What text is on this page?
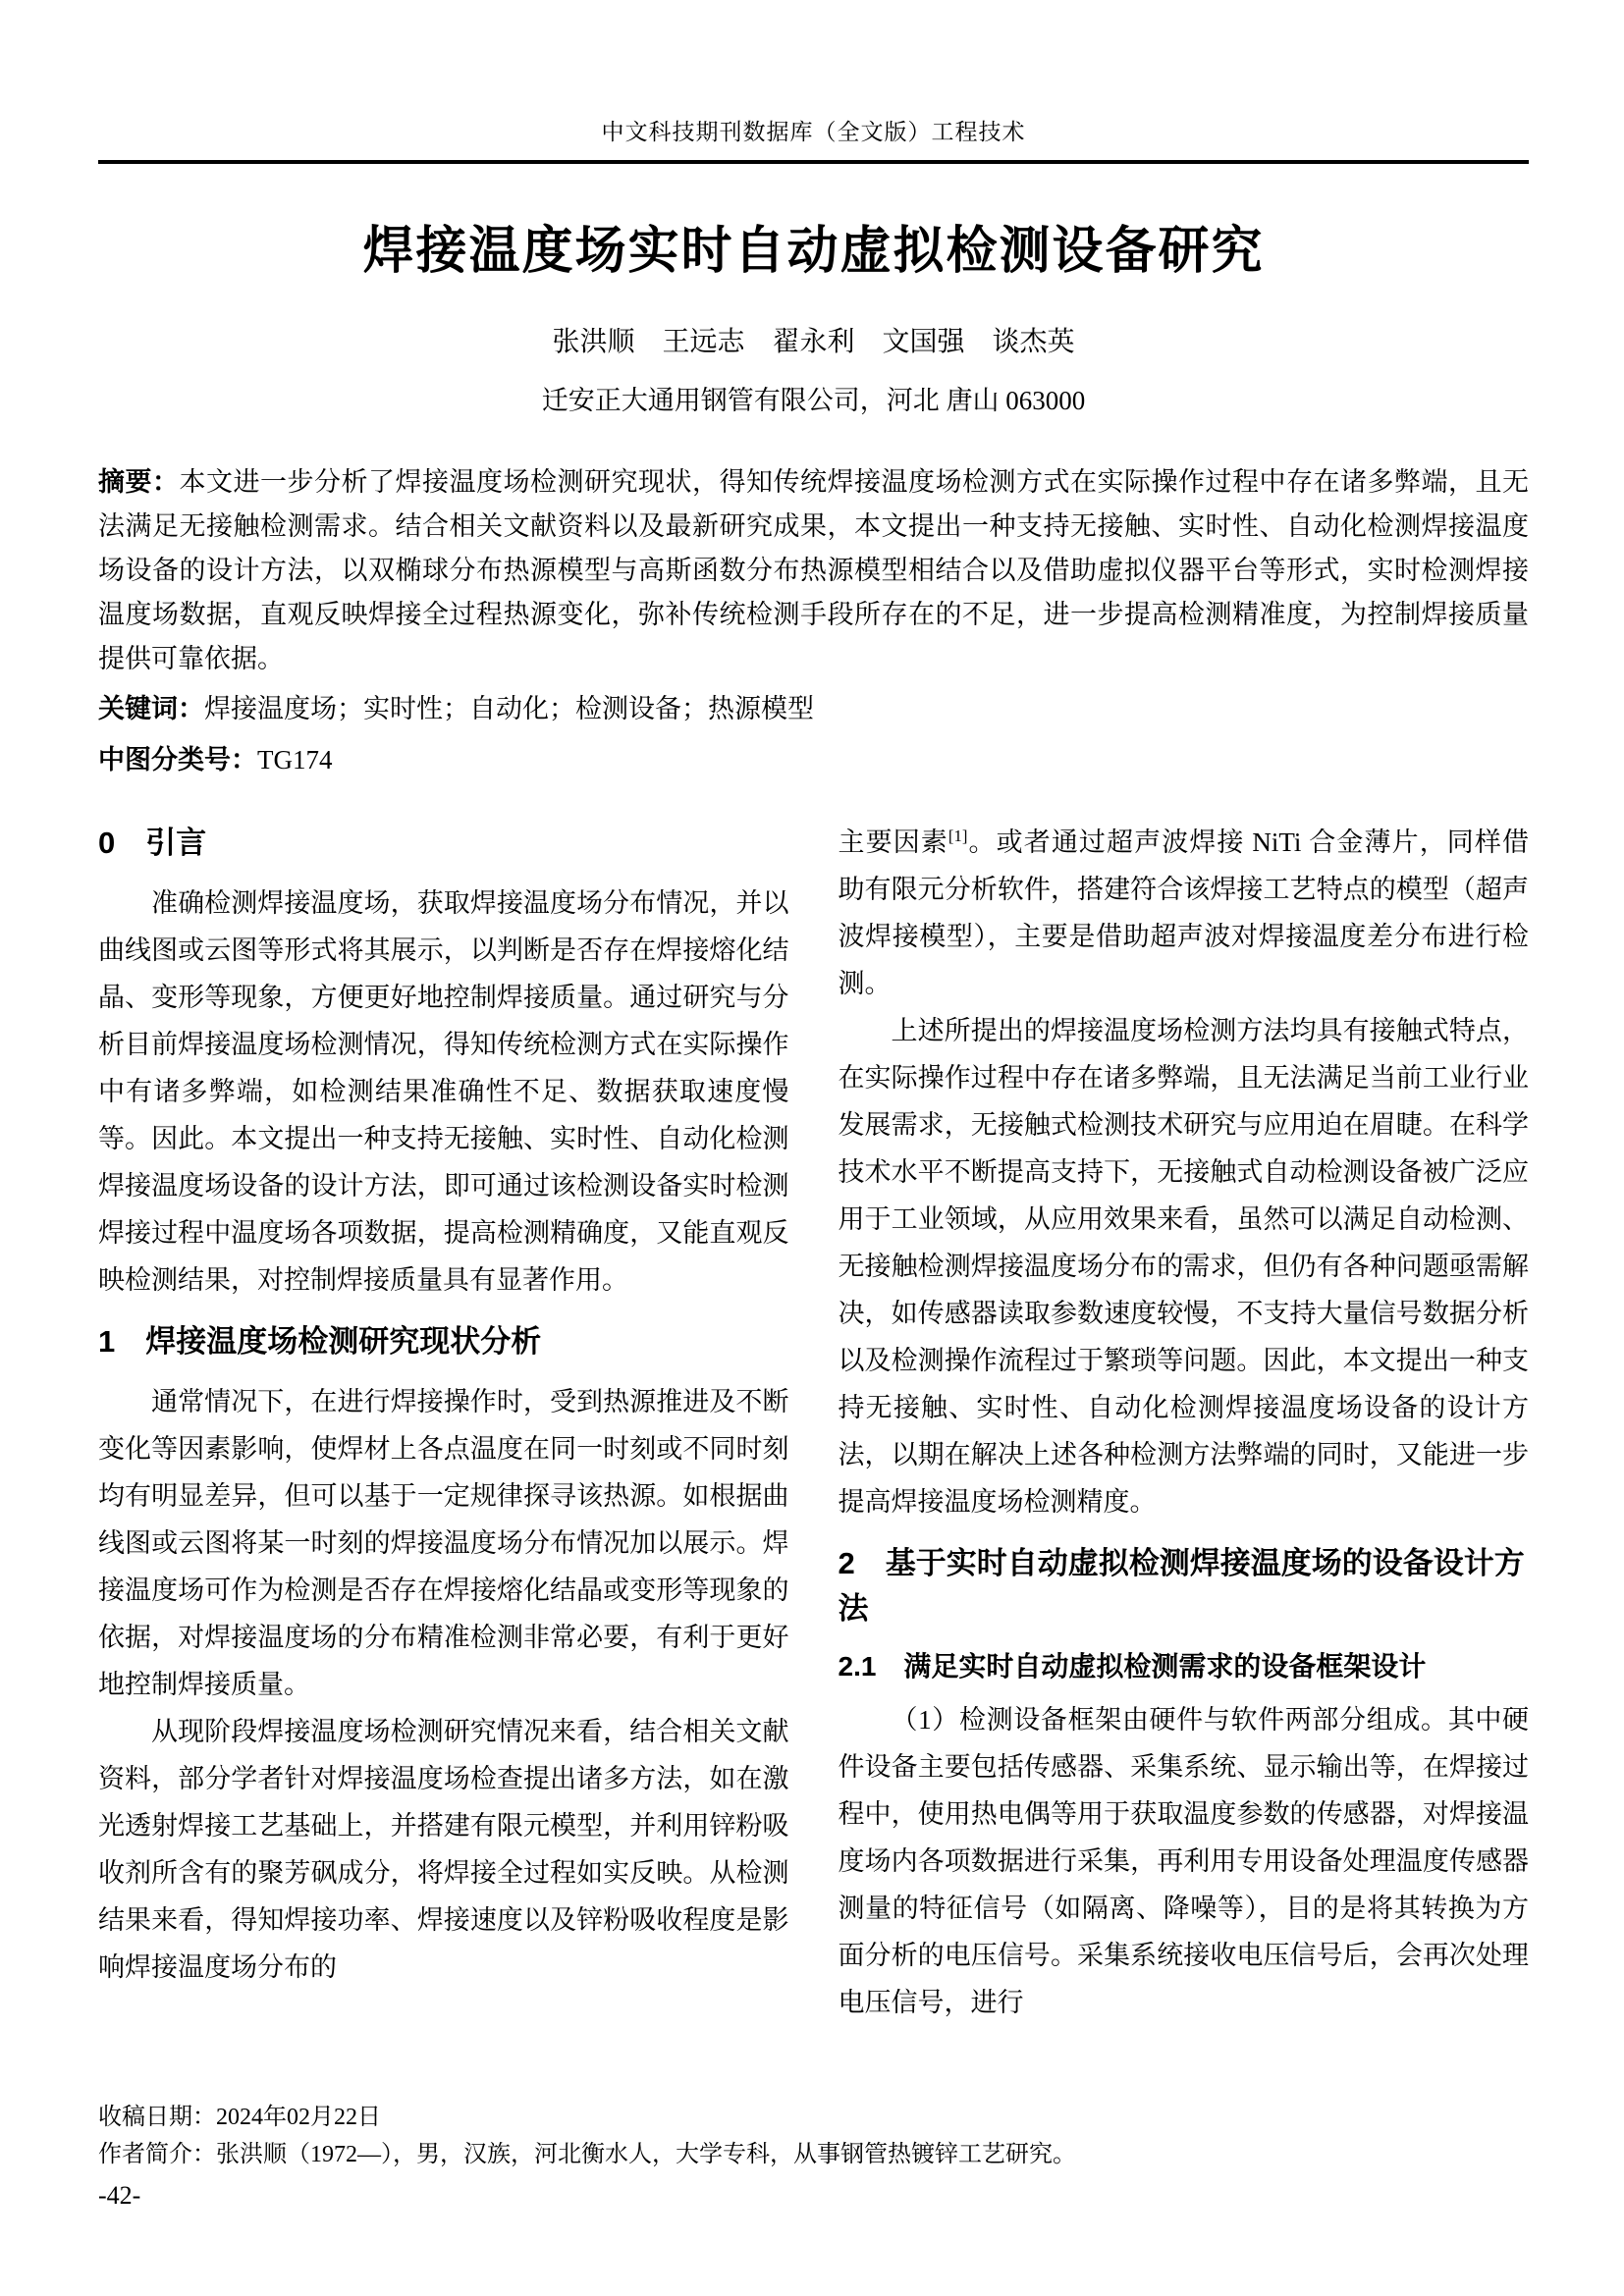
中文科技期刊数据库（全文版）工程技术
焊接温度场实时自动虚拟检测设备研究
张洪顺　王远志　翟永利　文国强　谈杰英
迁安正大通用钢管有限公司，河北 唐山 063000

摘要：本文进一步分析了焊接温度场检测研究现状，得知传统焊接温度场检测方式在实际操作过程中存在诸多弊端，且无法满足无接触检测需求。结合相关文献资料以及最新研究成果，本文提出一种支持无接触、实时性、自动化检测焊接温度场设备的设计方法，以双椭球分布热源模型与高斯函数分布热源模型相结合以及借助虚拟仪器平台等形式，实时检测焊接温度场数据，直观反映焊接全过程热源变化，弥补传统检测手段所存在的不足，进一步提高检测精准度，为控制焊接质量提供可靠依据。

关键词：焊接温度场；实时性；自动化；检测设备；热源模型

中图分类号：TG174

0　引言

准确检测焊接温度场，获取焊接温度场分布情况，并以曲线图或云图等形式将其展示，以判断是否存在焊接熔化结晶、变形等现象，方便更好地控制焊接质量。通过研究与分析目前焊接温度场检测情况，得知传统检测方式在实际操作中有诸多弊端，如检测结果准确性不足、数据获取速度慢等。因此。本文提出一种支持无接触、实时性、自动化检测焊接温度场设备的设计方法，即可通过该检测设备实时检测焊接过程中温度场各项数据，提高检测精确度，又能直观反映检测结果，对控制焊接质量具有显著作用。

1　焊接温度场检测研究现状分析

通常情况下，在进行焊接操作时，受到热源推进及不断变化等因素影响，使焊材上各点温度在同一时刻或不同时刻均有明显差异，但可以基于一定规律探寻该热源。如根据曲线图或云图将某一时刻的焊接温度场分布情况加以展示。焊接温度场可作为检测是否存在焊接熔化结晶或变形等现象的依据，对焊接温度场的分布精准检测非常必要，有利于更好地控制焊接质量。

从现阶段焊接温度场检测研究情况来看，结合相关文献资料，部分学者针对焊接温度场检查提出诸多方法，如在激光透射焊接工艺基础上，并搭建有限元模型，并利用锌粉吸收剂所含有的聚芳砜成分，将焊接全过程如实反映。从检测结果来看，得知焊接功率、焊接速度以及锌粉吸收程度是影响焊接温度场分布的

主要因素[1]。或者通过超声波焊接 NiTi 合金薄片，同样借助有限元分析软件，搭建符合该焊接工艺特点的模型（超声波焊接模型），主要是借助超声波对焊接温度差分布进行检测。

上述所提出的焊接温度场检测方法均具有接触式特点，在实际操作过程中存在诸多弊端，且无法满足当前工业行业发展需求，无接触式检测技术研究与应用迫在眉睫。在科学技术水平不断提高支持下，无接触式自动检测设备被广泛应用于工业领域，从应用效果来看，虽然可以满足自动检测、无接触检测焊接温度场分布的需求，但仍有各种问题亟需解决，如传感器读取参数速度较慢，不支持大量信号数据分析以及检测操作流程过于繁琐等问题。因此，本文提出一种支持无接触、实时性、自动化检测焊接温度场设备的设计方法，以期在解决上述各种检测方法弊端的同时，又能进一步提高焊接温度场检测精度。

2　基于实时自动虚拟检测焊接温度场的设备设计方法
2.1　满足实时自动虚拟检测需求的设备框架设计

（1）检测设备框架由硬件与软件两部分组成。其中硬件设备主要包括传感器、采集系统、显示输出等，在焊接过程中，使用热电偶等用于获取温度参数的传感器，对焊接温度场内各项数据进行采集，再利用专用设备处理温度传感器测量的特征信号（如隔离、降噪等），目的是将其转换为方面分析的电压信号。采集系统接收电压信号后，会再次处理电压信号，进行

收稿日期：2024年02月22日
作者简介：张洪顺（1972—），男，汉族，河北衡水人，大学专科，从事钢管热镀锌工艺研究。
-42-
